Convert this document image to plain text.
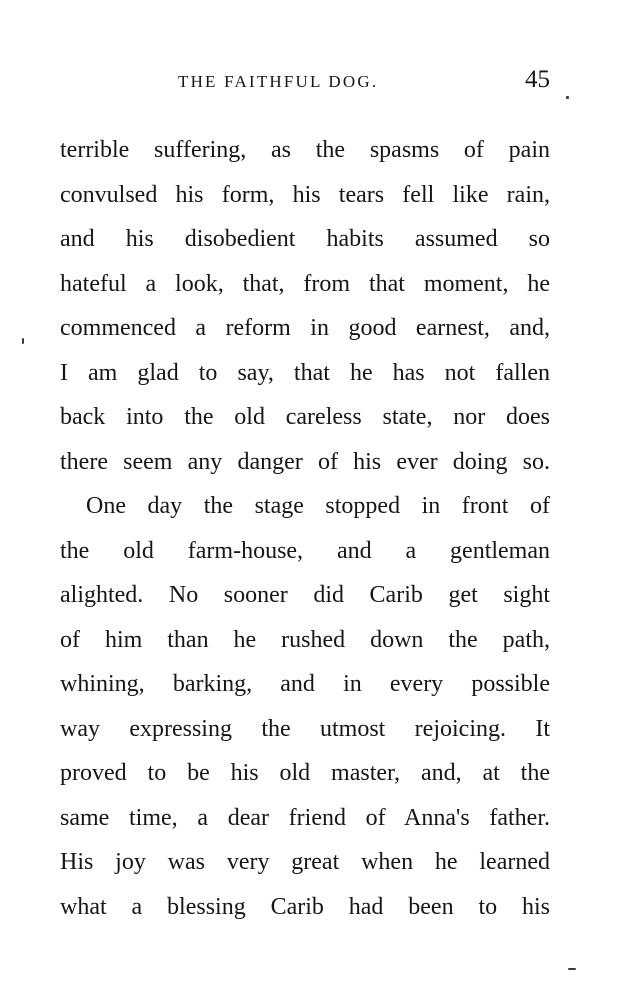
THE FAITHFUL DOG.	45
terrible suffering, as the spasms of pain
convulsed his form, his tears fell like rain,
and his disobedient habits assumed so
hateful a look, that, from that moment, he
commenced a reform in good earnest, and,
I am glad to say, that he has not fallen
back into the old careless state, nor does
there seem any danger of his ever doing so.
One day the stage stopped in front of
the old farm-house, and a gentleman
alighted. No sooner did Carib get sight
of him than he rushed down the path,
whining, barking, and in every possible
way expressing the utmost rejoicing. It
proved to be his old master, and, at the
same time, a dear friend of Anna's father.
His joy was very great when he learned
what a blessing Carib had been to his
